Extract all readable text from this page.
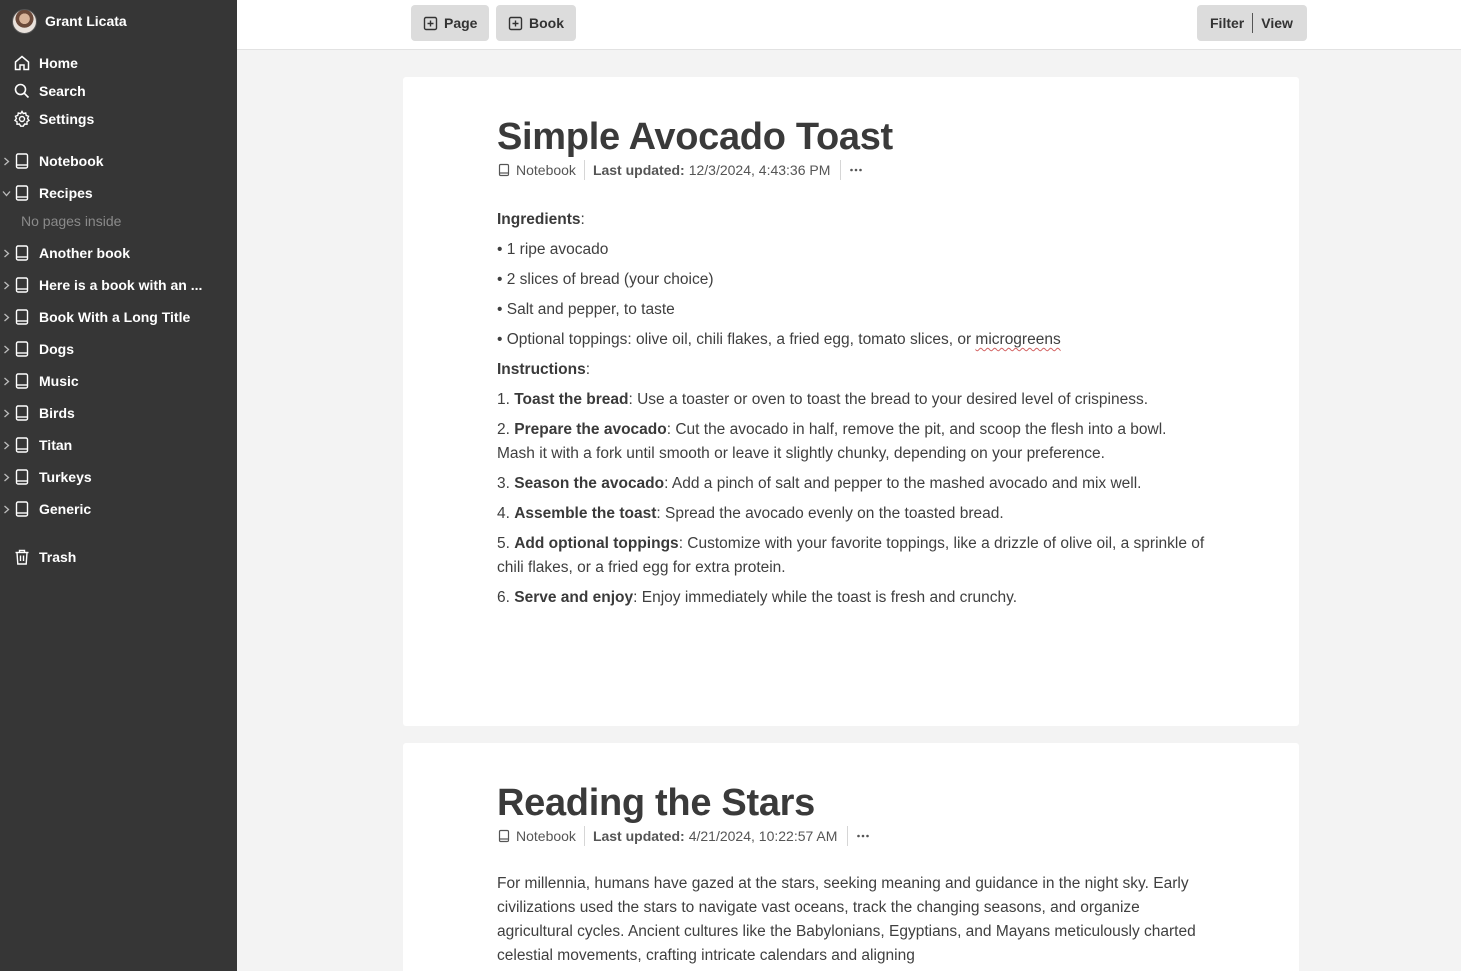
Grant Licata
Home
Search
Settings
Notebook
Recipes
No pages inside
Another book
Here is a book with an ...
Book With a Long Title
Dogs
Music
Birds
Titan
Turkeys
Generic
Trash
Page	Book	Filter View
Simple Avocado Toast
Notebook Last updated: 12/3/2024, 4:43:36 PM
Ingredients:
• 1 ripe avocado
• 2 slices of bread (your choice)
• Salt and pepper, to taste
• Optional toppings: olive oil, chili flakes, a fried egg, tomato slices, or microgreens
Instructions:
1. Toast the bread: Use a toaster or oven to toast the bread to your desired level of crispiness.
2. Prepare the avocado: Cut the avocado in half, remove the pit, and scoop the flesh into a bowl. Mash it with a fork until smooth or leave it slightly chunky, depending on your preference.
3. Season the avocado: Add a pinch of salt and pepper to the mashed avocado and mix well.
4. Assemble the toast: Spread the avocado evenly on the toasted bread.
5. Add optional toppings: Customize with your favorite toppings, like a drizzle of olive oil, a sprinkle of chili flakes, or a fried egg for extra protein.
6. Serve and enjoy: Enjoy immediately while the toast is fresh and crunchy.
Reading the Stars
Notebook Last updated: 4/21/2024, 10:22:57 AM
For millennia, humans have gazed at the stars, seeking meaning and guidance in the night sky. Early civilizations used the stars to navigate vast oceans, track the changing seasons, and organize agricultural cycles. Ancient cultures like the Babylonians, Egyptians, and Mayans meticulously charted celestial movements, crafting intricate calendars and aligning
